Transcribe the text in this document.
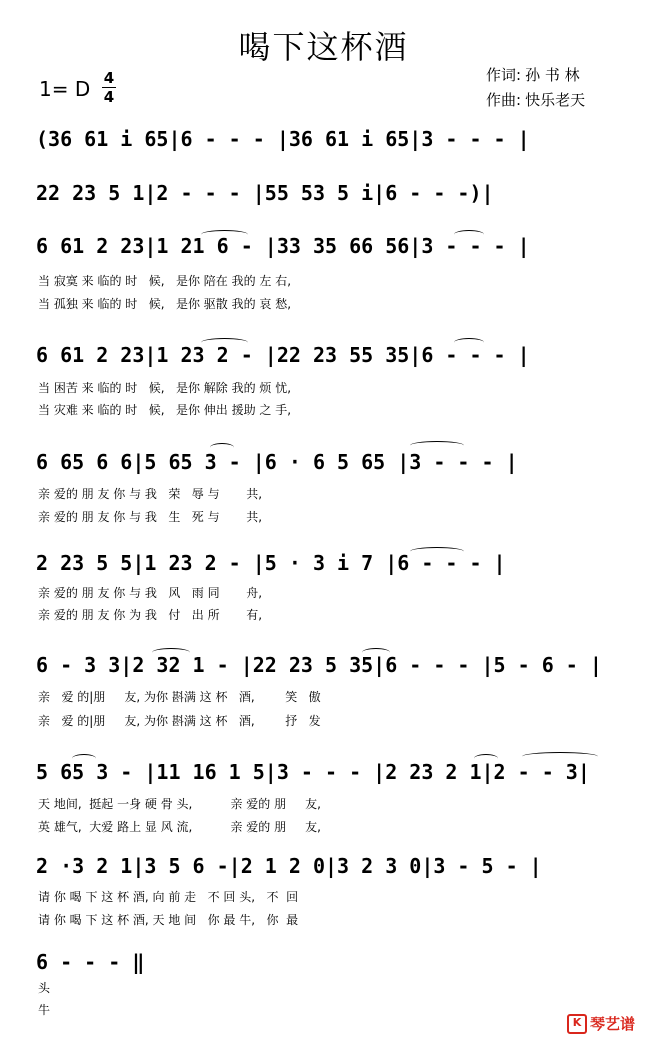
喝下这杯酒
1= D 4
4
作词: 孙 书 林
作曲: 快乐老天
(36 61 i 65|6 - - - |36 61 i 65|3 - - - |
22 23 5 1|2 - - - |55 53 5 i|6 - - -)|
6 61 2 23|1 21 6 - |33 35 66 56|3 - - - |
当 寂寞 来 临的 时   候,   是你 陪在 我的 左 右,
当 孤独 来 临的 时   候,   是你 驱散 我的 哀 愁,
6 61 2 23|1 23 2 - |22 23 55 35|6 - - - |
当 困苦 来 临的 时   候,   是你 解除 我的 烦 忧,
当 灾难 来 临的 时   候,   是你 伸出 援助 之 手,
6 65 6 6|5 65 3 - |6 · 6 5 65 |3 - - - |
亲 爱的 朋 友 你 与 我   荣   辱 与       共,
亲 爱的 朋 友 你 与 我   生   死 与       共,
2 23 5 5|1 23 2 - |5 · 3 i 7 |6 - - - |
亲 爱的 朋 友 你 与 我   风   雨 同       舟,
亲 爱的 朋 友 你 为 我   付   出 所       有,
6 - 3 3|2 32 1 - |22 23 5 35|6 - - - |5 - 6 - |
亲   爱 的|朋     友, 为你 斟满 这 杯   酒,        笑   傲
亲   爱 的|朋     友, 为你 斟满 这 杯   酒,        抒   发
5 65 3 - |11 16 1 5|3 - - - |2 23 2 1|2 - - 3|
天 地间,  挺起 一身 硬 骨 头,          亲 爱的 朋     友,
英 雄气,  大爱 路上 显 风 流,          亲 爱的 朋     友,
2 ·3 2 1|3 5 6 -|2 1 2 0|3 2 3 0|3 - 5 - |
请 你 喝 下 这 杯 酒, 向 前 走   不 回 头,   不  回
请 你 喝 下 这 杯 酒, 天 地 间   你 最 牛,   你  最
6 - - - ‖
头
牛
K 琴艺谱
